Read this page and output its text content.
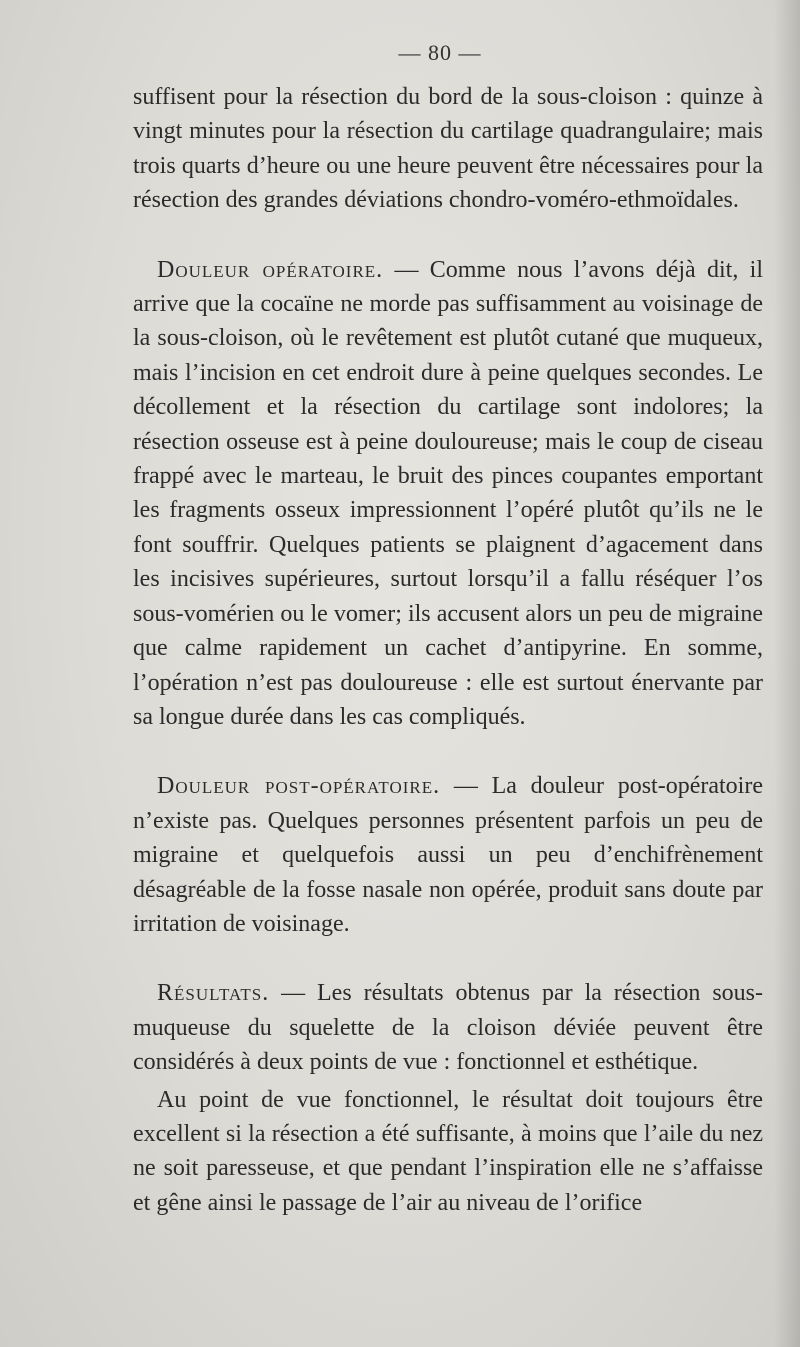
— 80 —

suffisent pour la résection du bord de la sous-cloison : quinze à vingt minutes pour la résection du cartilage quadrangulaire; mais trois quarts d’heure ou une heure peuvent être nécessaires pour la résection des grandes déviations chondro-voméro-ethmoïdales.

Douleur opératoire. — Comme nous l’avons déjà dit, il arrive que la cocaïne ne morde pas suffisamment au voisinage de la sous-cloison, où le revêtement est plutôt cutané que muqueux, mais l’incision en cet endroit dure à peine quelques secondes. Le décollement et la résection du cartilage sont indolores; la résection osseuse est à peine douloureuse; mais le coup de ciseau frappé avec le marteau, le bruit des pinces coupantes emportant les fragments osseux impressionnent l’opéré plutôt qu’ils ne le font souffrir. Quelques patients se plaignent d’agacement dans les incisives supérieures, surtout lorsqu’il a fallu réséquer l’os sous-vomérien ou le vomer; ils accusent alors un peu de migraine que calme rapidement un cachet d’antipyrine. En somme, l’opération n’est pas douloureuse : elle est surtout énervante par sa longue durée dans les cas compliqués.

Douleur post-opératoire. — La douleur post-opératoire n’existe pas. Quelques personnes présentent parfois un peu de migraine et quelquefois aussi un peu d’enchifrènement désagréable de la fosse nasale non opérée, produit sans doute par irritation de voisinage.

Résultats. — Les résultats obtenus par la résection sous-muqueuse du squelette de la cloison déviée peuvent être considérés à deux points de vue : fonctionnel et esthétique.

Au point de vue fonctionnel, le résultat doit toujours être excellent si la résection a été suffisante, à moins que l’aile du nez ne soit paresseuse, et que pendant l’inspiration elle ne s’affaisse et gêne ainsi le passage de l’air au niveau de l’orifice
